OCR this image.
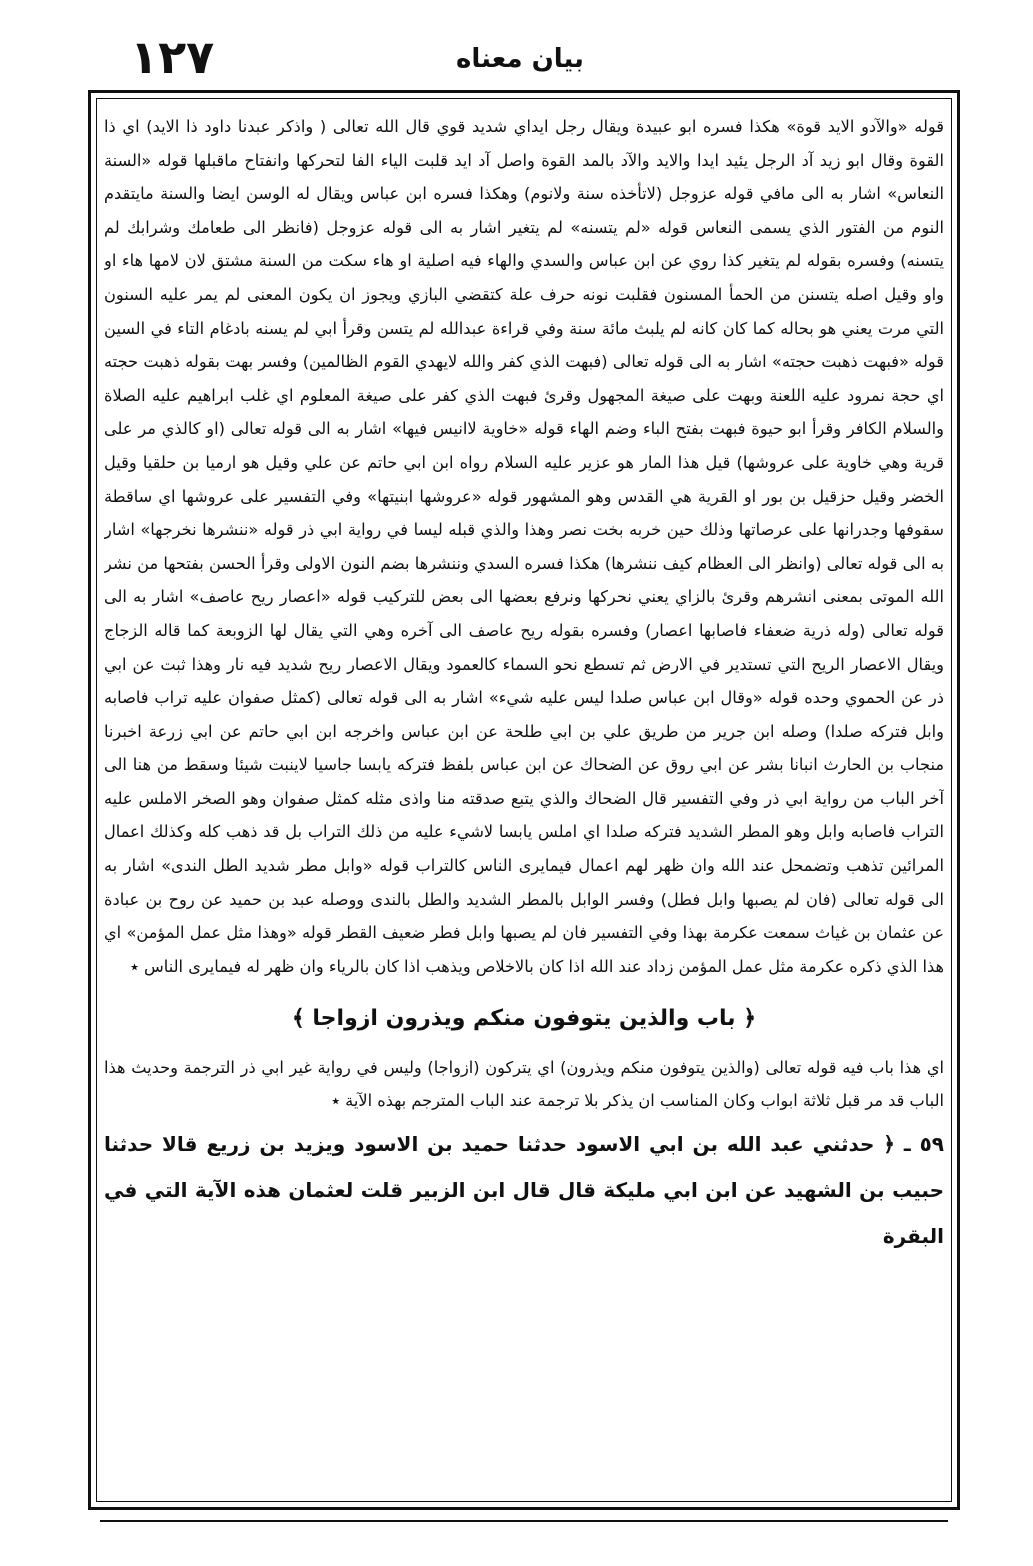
١٢٧	بيان معناه

قوله «والآدو الايد قوة» هكذا فسره ابو عبيدة ويقال رجل ايداي شديد قوي قال الله تعالى ( واذكر عبدنا داود ذا الايد) اي ذا القوة وقال ابو زيد آد الرجل يئيد ايدا والايد والآد بالمد القوة واصل آد ايد قلبت الياء الفا لتحركها وانفتاح ماقبلها قوله «السنة النعاس» اشار به الى مافي قوله عزوجل (لاتأخذه سنة ولانوم) وهكذا فسره ابن عباس ويقال له الوسن ايضا والسنة مايتقدم النوم من الفتور الذي يسمى النعاس قوله «لم يتسنه» لم يتغير اشار به الى قوله عزوجل (فانظر الى طعامك وشرابك لم يتسنه) وفسره بقوله لم يتغير كذا روي عن ابن عباس والسدي والهاء فيه اصلية او هاء سكت من السنة مشتق لان لامها هاء او واو وقيل اصله يتسنن من الحمأ المسنون فقلبت نونه حرف علة كتقضي البازي ويجوز ان يكون المعنى لم يمر عليه السنون التي مرت يعني هو بحاله كما كان كانه لم يلبث مائة سنة وفي قراءة عبدالله لم يتسن وقرأ ابي لم يسنه بادغام التاء في السين قوله «فبهت ذهبت حجته» اشار به الى قوله تعالى (فبهت الذي كفر والله لايهدي القوم الظالمين) وفسر بهت بقوله ذهبت حجته اي حجة نمرود عليه اللعنة وبهت على صيغة المجهول وقرئ فبهت الذي كفر على صيغة المعلوم اي غلب ابراهيم عليه الصلاة والسلام الكافر وقرأ ابو حيوة فبهت بفتح الباء وضم الهاء قوله «خاوية لاانيس فيها» اشار به الى قوله تعالى (او كالذي مر على قرية وهي خاوية على عروشها) قيل هذا المار هو عزير عليه السلام رواه ابن ابي حاتم عن علي وقيل هو ارميا بن حلقيا وقيل الخضر وقيل حزقيل بن بور او القرية هي القدس وهو المشهور قوله «عروشها ابنيتها» وفي التفسير على عروشها اي ساقطة سقوفها وجدرانها على عرصاتها وذلك حين خربه بخت نصر وهذا والذي قبله ليسا في رواية ابي ذر قوله «ننشرها نخرجها» اشار به الى قوله تعالى (وانظر الى العظام كيف ننشرها) هكذا فسره السدي وننشرها بضم النون الاولى وقرأ الحسن بفتحها من نشر الله الموتى بمعنى انشرهم وقرئ بالزاي يعني نحركها ونرفع بعضها الى بعض للتركيب قوله «اعصار ريح عاصف» اشار به الى قوله تعالى (وله ذرية ضعفاء فاصابها اعصار) وفسره بقوله ريح عاصف الى آخره وهي التي يقال لها الزوبعة كما قاله الزجاج ويقال الاعصار الريح التي تستدير في الارض ثم تسطع نحو السماء كالعمود ويقال الاعصار ريح شديد فيه نار وهذا ثبت عن ابي ذر عن الحموي وحده قوله «وقال ابن عباس صلدا ليس عليه شيء» اشار به الى قوله تعالى (كمثل صفوان عليه تراب فاصابه وابل فتركه صلدا) وصله ابن جرير من طريق علي بن ابي طلحة عن ابن عباس واخرجه ابن ابي حاتم عن ابي زرعة اخبرنا منجاب بن الحارث انبانا بشر عن ابي روق عن الضحاك عن ابن عباس بلفظ فتركه يابسا جاسيا لاينبت شيئا وسقط من هنا الى آخر الباب من رواية ابي ذر وفي التفسير قال الضحاك والذي يتبع صدقته منا واذى مثله كمثل صفوان وهو الصخر الاملس عليه التراب فاصابه وابل وهو المطر الشديد فتركه صلدا اي املس يابسا لاشيء عليه من ذلك التراب بل قد ذهب كله وكذلك اعمال المرائين تذهب وتضمحل عند الله وان ظهر لهم اعمال فيمايرى الناس كالتراب قوله «وابل مطر شديد الطل الندى» اشار به الى قوله تعالى (فان لم يصبها وابل فطل) وفسر الوابل بالمطر الشديد والطل بالندى ووصله عبد بن حميد عن روح بن عبادة عن عثمان بن غياث سمعت عكرمة بهذا وفي التفسير فان لم يصبها وابل فطر ضعيف القطر قوله «وهذا مثل عمل المؤمن» اي هذا الذي ذكره عكرمة مثل عمل المؤمن زداد عند الله اذا كان بالاخلاص ويذهب اذا كان بالرياء وان ظهر له فيمايرى الناس ٭

﴿ باب والذين يتوفون منكم ويذرون ازواجا ﴾

اي هذا باب فيه قوله تعالى (والذين يتوفون منكم ويذرون) اي يتركون (ازواجا) وليس في رواية غير ابي ذر الترجمة وحديث هذا الباب قد مر قبل ثلاثة ابواب وكان المناسب ان يذكر بلا ترجمة عند الباب المترجم بهذه الآية ٭

٥٩ ـ ﴿ حدثني عبد الله بن ابي الاسود حدثنا حميد بن الاسود ويزيد بن زريع قالا حدثنا حبيب بن الشهيد عن ابن ابي مليكة قال قال ابن الزبير قلت لعثمان هذه الآية التي في البقرة
